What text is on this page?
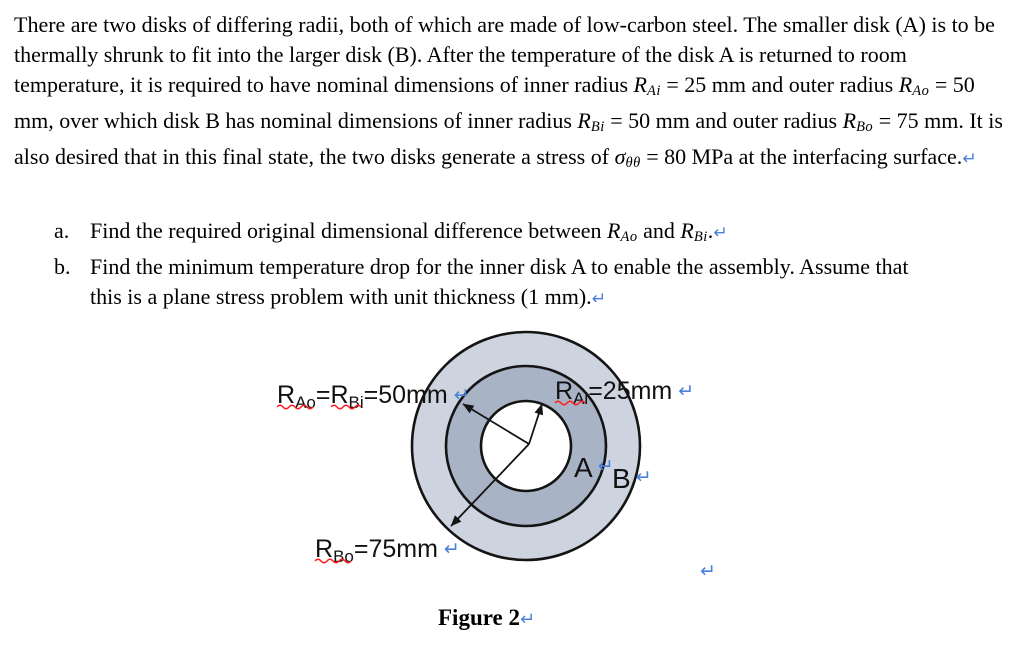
There are two disks of differing radii, both of which are made of low-carbon steel. The smaller disk (A) is to be thermally shrunk to fit into the larger disk (B). After the temperature of the disk A is returned to room temperature, it is required to have nominal dimensions of inner radius RAi = 25 mm and outer radius RAo = 50 mm, over which disk B has nominal dimensions of inner radius RBi = 50 mm and outer radius RBo = 75 mm. It is also desired that in this final state, the two disks generate a stress of σθθ = 80 MPa at the interfacing surface.↵
a. Find the required original dimensional difference between RAo and RBi.↵
b. Find the minimum temperature drop for the inner disk A to enable the assembly. Assume that this is a plane stress problem with unit thickness (1 mm).↵
$R_{Ao}=R_{Bi}=50mm$ ↵	$R_{Ai}=25mm$ ↵
$R_{Bo}=75mm$ ↵
A ↵
B ↵
↵
Figure 2↵
